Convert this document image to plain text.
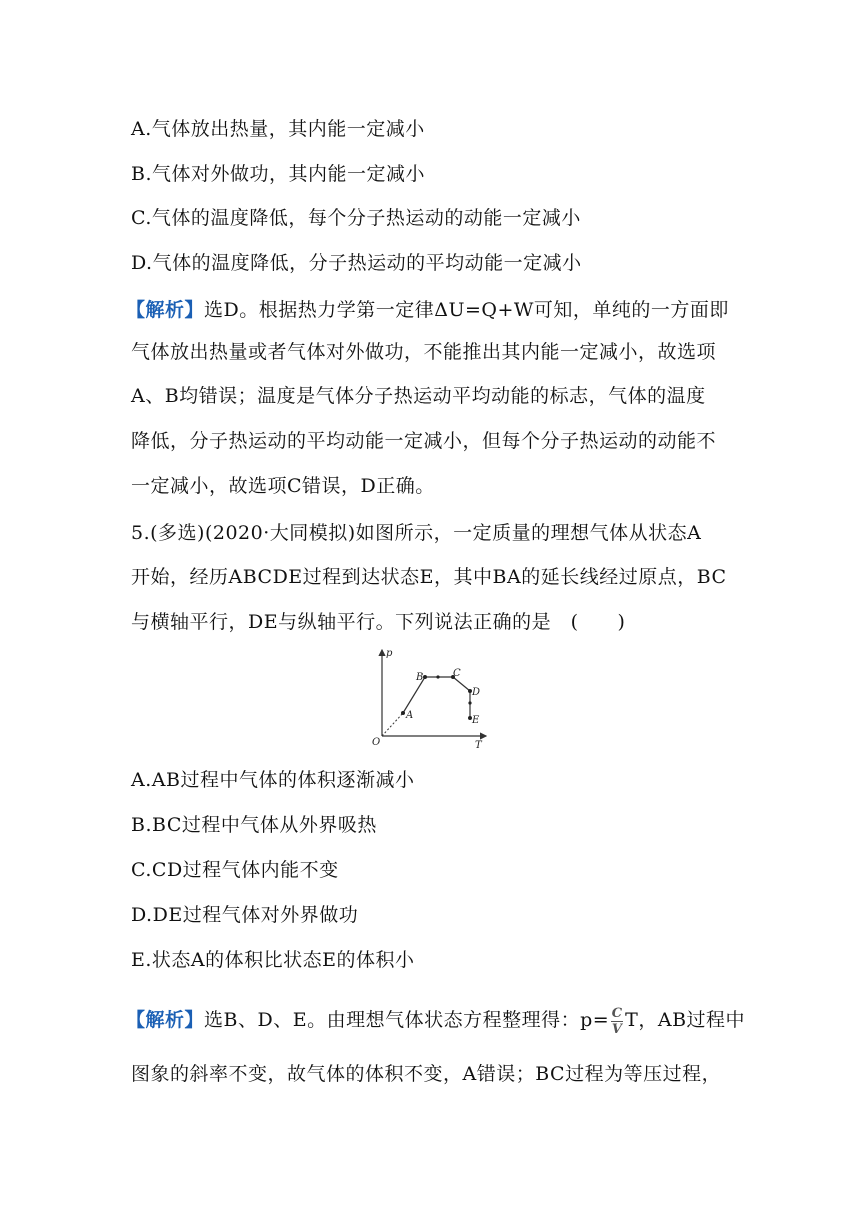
A.气体放出热量，其内能一定减小
B.气体对外做功，其内能一定减小
C.气体的温度降低，每个分子热运动的动能一定减小
D.气体的温度降低，分子热运动的平均动能一定减小
【解析】选D。根据热力学第一定律ΔU=Q+W可知，单纯的一方面即
气体放出热量或者气体对外做功，不能推出其内能一定减小，故选项
A、B均错误；温度是气体分子热运动平均动能的标志，气体的温度
降低，分子热运动的平均动能一定减小，但每个分子热运动的动能不
一定减小，故选项C错误，D正确。
5.(多选)(2020·大同模拟)如图所示，一定质量的理想气体从状态A
开始，经历ABCDE过程到达状态E，其中BA的延长线经过原点，BC
与横轴平行，DE与纵轴平行。下列说法正确的是　(　　)
p
T
O
A
B	C
D
E
A.AB过程中气体的体积逐渐减小
B.BC过程中气体从外界吸热
C.CD过程气体内能不变
D.DE过程气体对外界做功
E.状态A的体积比状态E的体积小
【解析】选B、D、E。由理想气体状态方程整理得：$p= \frac{C}{V}$ T，AB过程中
图象的斜率不变，故气体的体积不变，A错误；BC过程为等压过程，
